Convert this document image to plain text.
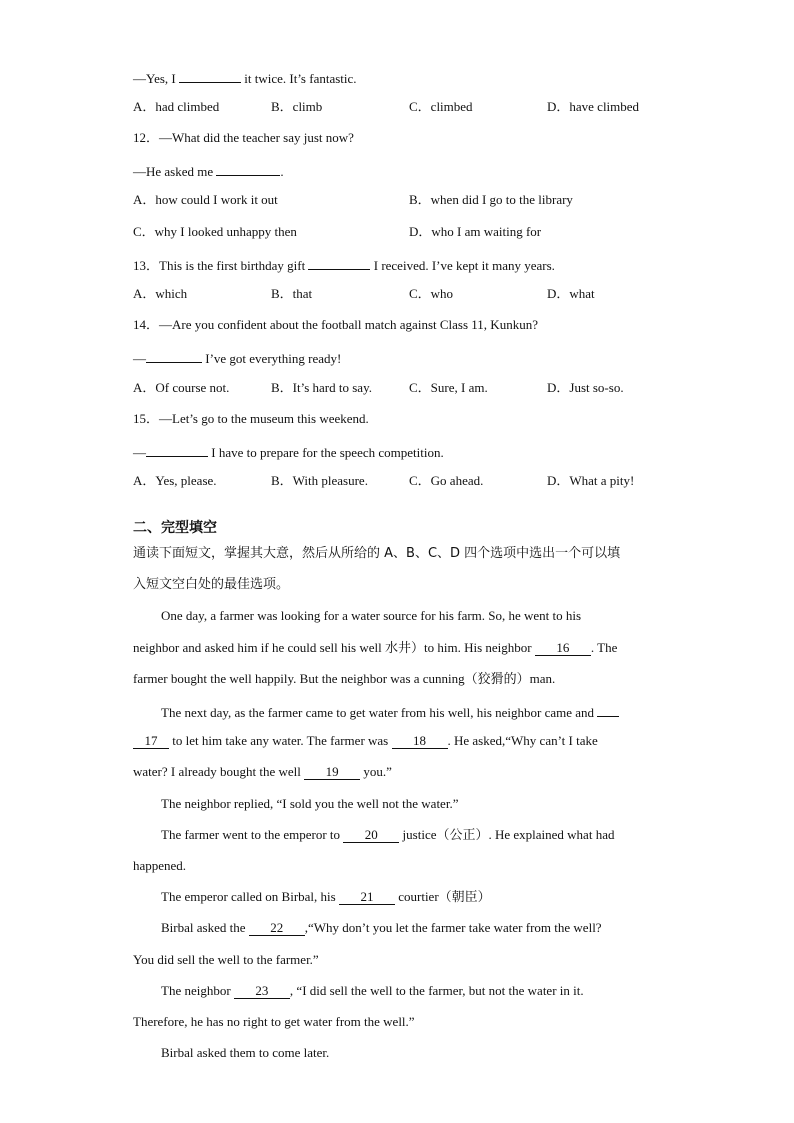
—Yes, I	it twice. It’s fantastic.
A．had climbed	B．climb	C．climbed	D．have climbed
12．—What did the teacher say just now?
—He asked me	.
A．how could I work it out	B．when did I go to the library
C．why I looked unhappy then	D．who I am waiting for
13．This is the first birthday gift	I received. I’ve kept it many years.
A．which	B．that	C．who	D．what
14．—Are you confident about the football match against Class 11, Kunkun?
—	I’ve got everything ready!
A．Of course not.	B．It’s hard to say.	C．Sure, I am.	D．Just so-so.
15．—Let’s go to the museum this weekend.
—	I have to prepare for the speech competition.
A．Yes, please.	B．With pleasure.	C．Go ahead.	D．What a pity!
二、完型填空
通读下面短文，掌握其大意，然后从所给的 A、B、C、D 四个选项中选出一个可以填
入短文空白处的最佳选项。
One day, a farmer was looking for a water source for his farm. So, he went to his
neighbor and asked him if he could sell his well 水井）to him. His neighbor 16 . The
farmer bought the well happily. But the neighbor was a cunning（狡猾的）man.
The next day, as the farmer came to get water from his well, his neighbor came and
17 to let him take any water. The farmer was 18 . He asked,“Why can’t I take
water? I already bought the well 19 you.”
The neighbor replied, “I sold you the well not the water.”
The farmer went to the emperor to 20 justice（公正）. He explained what had
happened.
The emperor called on Birbal, his 21 courtier（朝臣）
Birbal asked the 22 ,“Why don’t you let the farmer take water from the well?
You did sell the well to the farmer.”
The neighbor 23 , “I did sell the well to the farmer, but not the water in it.
Therefore, he has no right to get water from the well.”
Birbal asked them to come later.
